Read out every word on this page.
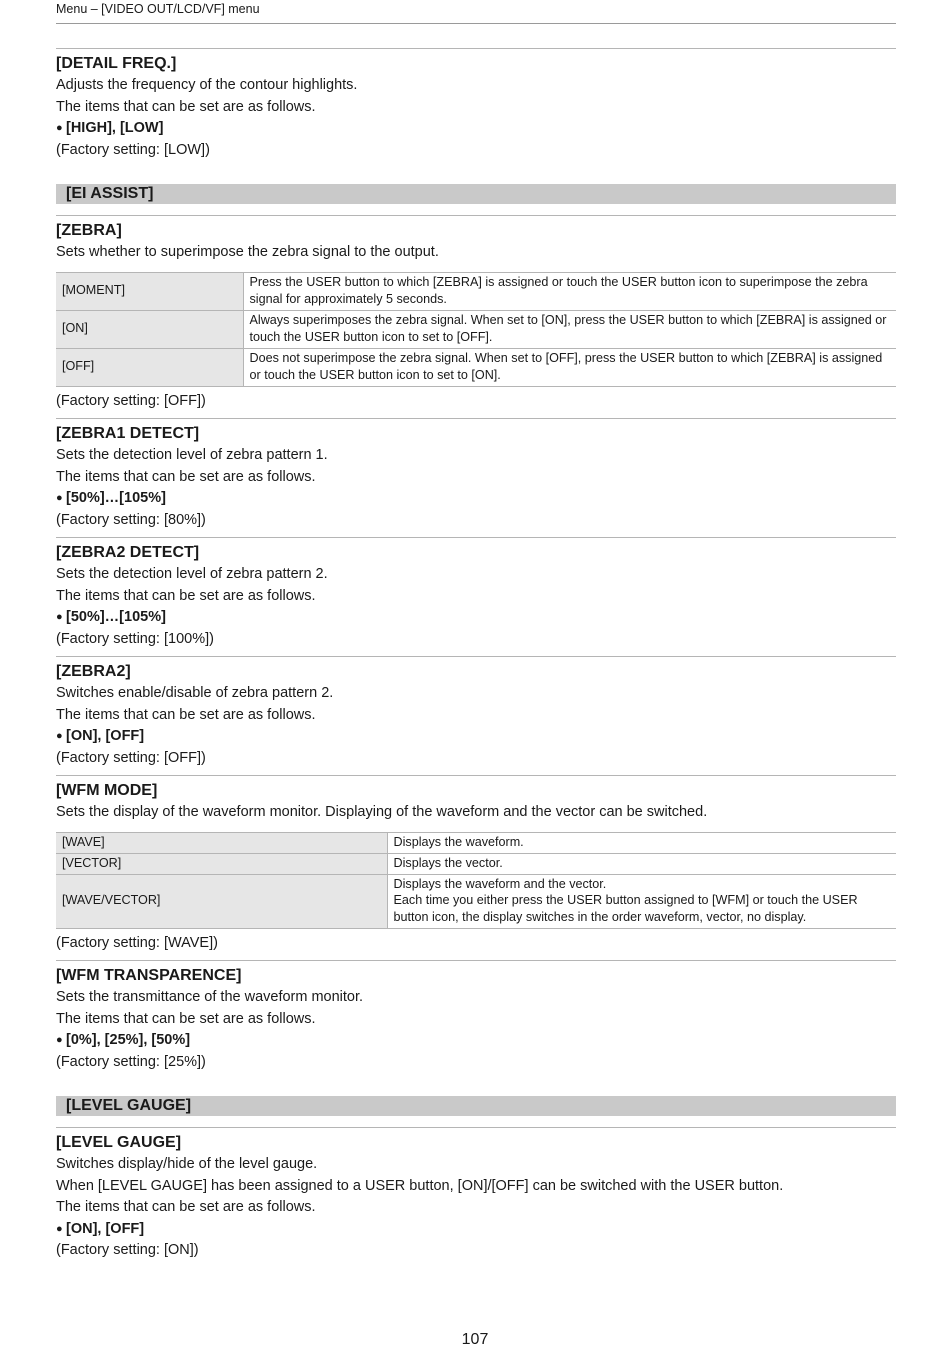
Menu – [VIDEO OUT/LCD/VF] menu
[DETAIL FREQ.]

Adjusts the frequency of the contour highlights.

The items that can be set are as follows.

● [HIGH], [LOW]

(Factory setting: [LOW])

[EI ASSIST]
[ZEBRA]

Sets whether to superimpose the zebra signal to the output.

[MOMENT]	Press the USER button to which [ZEBRA] is assigned or touch the USER button icon to superimpose the zebra signal for approximately 5 seconds.
[ON]	Always superimposes the zebra signal. When set to [ON], press the USER button to which [ZEBRA] is assigned or touch the USER button icon to set to [OFF].
[OFF]	Does not superimpose the zebra signal. When set to [OFF], press the USER button to which [ZEBRA] is assigned or touch the USER button icon to set to [ON].

(Factory setting: [OFF])

[ZEBRA1 DETECT]

Sets the detection level of zebra pattern 1.

The items that can be set are as follows.

● [50%]…[105%]

(Factory setting: [80%])

[ZEBRA2 DETECT]

Sets the detection level of zebra pattern 2.

The items that can be set are as follows.

● [50%]…[105%]

(Factory setting: [100%])

[ZEBRA2]

Switches enable/disable of zebra pattern 2.

The items that can be set are as follows.

● [ON], [OFF]

(Factory setting: [OFF])

[WFM MODE]

Sets the display of the waveform monitor. Displaying of the waveform and the vector can be switched.

[WAVE]	Displays the waveform.
[VECTOR]	Displays the vector.
[WAVE/VECTOR]	Displays the waveform and the vector.
Each time you either press the USER button assigned to [WFM] or touch the USER button icon, the display switches in the order waveform, vector, no display.

(Factory setting: [WAVE])

[WFM TRANSPARENCE]

Sets the transmittance of the waveform monitor.

The items that can be set are as follows.

● [0%], [25%], [50%]

(Factory setting: [25%])

[LEVEL GAUGE]
[LEVEL GAUGE]

Switches display/hide of the level gauge.

When [LEVEL GAUGE] has been assigned to a USER button, [ON]/[OFF] can be switched with the USER button.

The items that can be set are as follows.

● [ON], [OFF]

(Factory setting: [ON])

107
